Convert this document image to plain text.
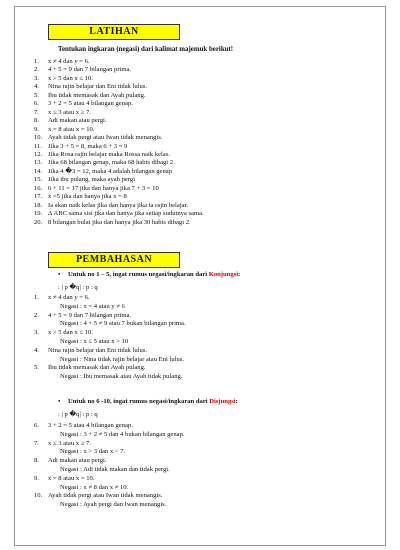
LATIHAN
Tentukan ingkaran (negasi) dari kalimat majemuk berikut!
1. x ≠ 4 dan y = 6.
2. 4 + 5 = 9 dan 7 bilangan prima.
3. x > 5 dan x ≤ 10.
4. Nina rajin belajar dan Eni tidak lulus.
5. Ibu tidak memasak dan Ayah pulang.
6. 3 + 2 = 5 atau 4 bilangan genap.
7. x ≤ 3 atau x ≥ 7.
8. Adi makan atau pergi.
9. x = 8 atau x = 10.
10. Ayah tidak pergi atau Iwan tidak menangis.
11. Jika 3 + 5 = 8, maka 6 + 3 = 9
12. Jika Rosa rajin belajar maka Rossa naik kelas.
13. Jika 68 bilangan genap, maka 68 habis dibagi 2.
14. Jika 4 �3 = 12, maka 4 adalah bilangan genap
15. Jika ibu pulang, maka ayah pergi
16. 6 + 11 = 17 jika dan hanya jika 7 + 3 = 10
17. x =5 jika dan hanya jika x = 8
18. Ia akan naik kelas jika dan hanya jika ia rajin belajar.
19. Δ ABC sama sisi jika dan hanya jika setiap sudutnya sama.
20. 8 bilangan bulat jika dan hanya jika 30 habis dibagi 2.
PEMBAHASAN
• Untuk no 1 – 5, ingat rumus negasi/ingkaran dari Konjungsi:
: | p �q| : p : q
1. x ≠ 4 dan y = 6.
Negasi : x = 4 atau y ≠ 6
2. 4 + 5 = 9 dan 7 bilangan prima.
Negasi : 4 + 5 ≠ 9 atau 7 bukan bilangan prima.
3. x > 5 dan x ≤ 10.
Negasi : x ≤ 5 atau x > 10
4. Nina rajin belajar dan Eni tidak lulus.
Negasi : Nina tidak rajin belajar atau Eni lulus.
5. Ibu tidak memasak dan Ayah pulang.
Negasi : Ibu memasak atau Ayah tidak pulang.
• Untuk no 6 -10, ingat rumus negasi/ingkaran dari Disjungsi:
: | p �q| : p : q
6. 3 + 2 = 5 atau 4 bilangan genap.
Negasi : 3 + 2 ≠ 5 dan 4 bukan bilangan genap.
7. x ≤ 3 atau x ≥ 7.
Negasi : x > 3 dan x < 7.
8. Adi makan atau pergi.
Negasi : Adi tidak makan dan tidak pergi.
9. x = 8 atau x = 10.
Negasi : x ≠ 8 dan x ≠ 10.
10. Ayah tidak pergi atau Iwan tidak menangis.
Negasi : Ayah pergi dan Iwan menangis.
